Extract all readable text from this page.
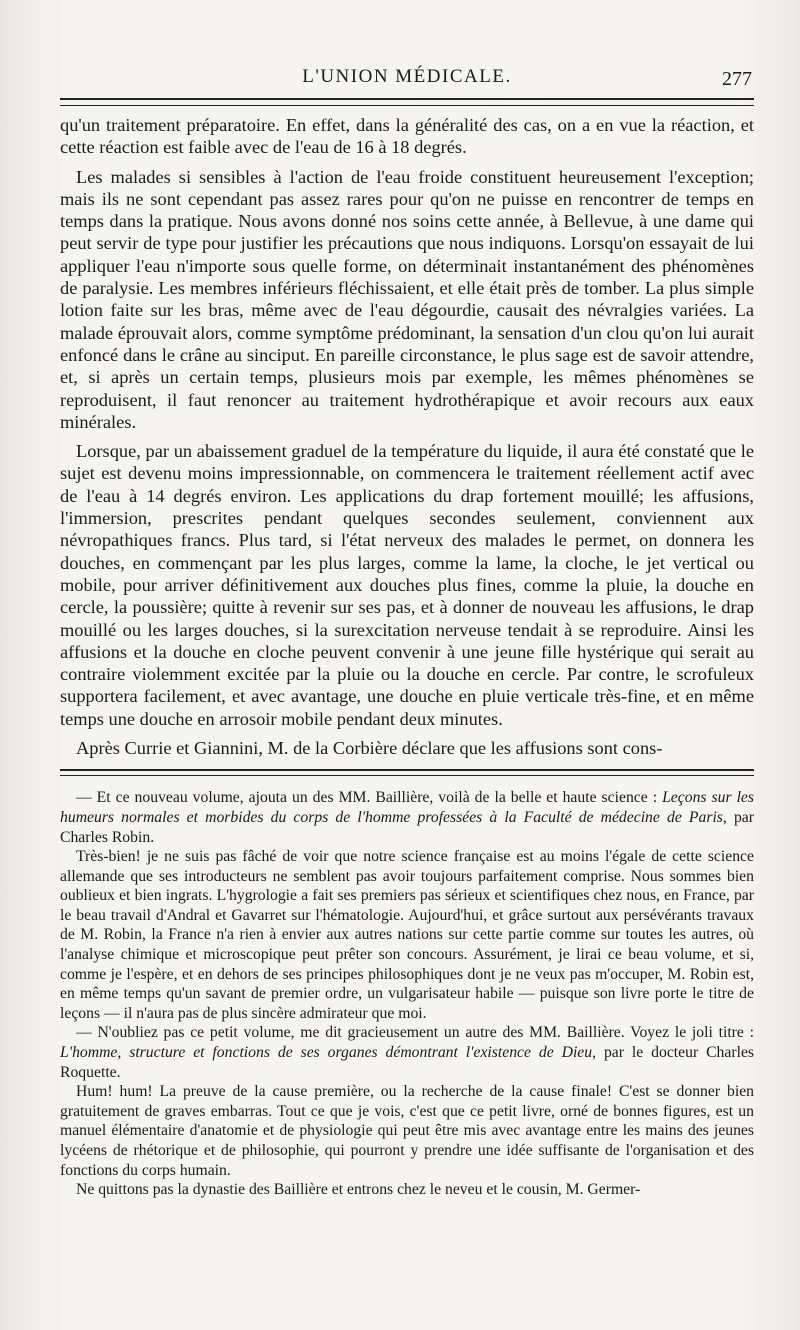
L'UNION MÉDICALE.	277

qu'un traitement préparatoire. En effet, dans la généralité des cas, on a en vue la réaction, et cette réaction est faible avec de l'eau de 16 à 18 degrés.

Les malades si sensibles à l'action de l'eau froide constituent heureusement l'exception; mais ils ne sont cependant pas assez rares pour qu'on ne puisse en rencontrer de temps en temps dans la pratique. Nous avons donné nos soins cette année, à Bellevue, à une dame qui peut servir de type pour justifier les précautions que nous indiquons. Lorsqu'on essayait de lui appliquer l'eau n'importe sous quelle forme, on déterminait instantanément des phénomènes de paralysie. Les membres inférieurs fléchissaient, et elle était près de tomber. La plus simple lotion faite sur les bras, même avec de l'eau dégourdie, causait des névralgies variées. La malade éprouvait alors, comme symptôme prédominant, la sensation d'un clou qu'on lui aurait enfoncé dans le crâne au sinciput. En pareille circonstance, le plus sage est de savoir attendre, et, si après un certain temps, plusieurs mois par exemple, les mêmes phénomènes se reproduisent, il faut renoncer au traitement hydrothérapique et avoir recours aux eaux minérales.

Lorsque, par un abaissement graduel de la température du liquide, il aura été constaté que le sujet est devenu moins impressionnable, on commencera le traitement réellement actif avec de l'eau à 14 degrés environ. Les applications du drap fortement mouillé; les affusions, l'immersion, prescrites pendant quelques secondes seulement, conviennent aux névropathiques francs. Plus tard, si l'état nerveux des malades le permet, on donnera les douches, en commençant par les plus larges, comme la lame, la cloche, le jet vertical ou mobile, pour arriver définitivement aux douches plus fines, comme la pluie, la douche en cercle, la poussière; quitte à revenir sur ses pas, et à donner de nouveau les affusions, le drap mouillé ou les larges douches, si la surexcitation nerveuse tendait à se reproduire. Ainsi les affusions et la douche en cloche peuvent convenir à une jeune fille hystérique qui serait au contraire violemment excitée par la pluie ou la douche en cercle. Par contre, le scrofuleux supportera facilement, et avec avantage, une douche en pluie verticale très-fine, et en même temps une douche en arrosoir mobile pendant deux minutes.

Après Currie et Giannini, M. de la Corbière déclare que les affusions sont cons-

— Et ce nouveau volume, ajouta un des MM. Baillière, voilà de la belle et haute science : Leçons sur les humeurs normales et morbides du corps de l'homme professées à la Faculté de médecine de Paris, par Charles Robin.

Très-bien! je ne suis pas fâché de voir que notre science française est au moins l'égale de cette science allemande que ses introducteurs ne semblent pas avoir toujours parfaitement comprise. Nous sommes bien oublieux et bien ingrats. L'hygrologie a fait ses premiers pas sérieux et scientifiques chez nous, en France, par le beau travail d'Andral et Gavarret sur l'hématologie. Aujourd'hui, et grâce surtout aux persévérants travaux de M. Robin, la France n'a rien à envier aux autres nations sur cette partie comme sur toutes les autres, où l'analyse chimique et microscopique peut prêter son concours. Assurément, je lirai ce beau volume, et si, comme je l'espère, et en dehors de ses principes philosophiques dont je ne veux pas m'occuper, M. Robin est, en même temps qu'un savant de premier ordre, un vulgarisateur habile — puisque son livre porte le titre de leçons — il n'aura pas de plus sincère admirateur que moi.

— N'oubliez pas ce petit volume, me dit gracieusement un autre des MM. Baillière. Voyez le joli titre : L'homme, structure et fonctions de ses organes démontrant l'existence de Dieu, par le docteur Charles Roquette.

Hum! hum! La preuve de la cause première, ou la recherche de la cause finale! C'est se donner bien gratuitement de graves embarras. Tout ce que je vois, c'est que ce petit livre, orné de bonnes figures, est un manuel élémentaire d'anatomie et de physiologie qui peut être mis avec avantage entre les mains des jeunes lycéens de rhétorique et de philosophie, qui pourront y prendre une idée suffisante de l'organisation et des fonctions du corps humain.

Ne quittons pas la dynastie des Baillière et entrons chez le neveu et le cousin, M. Germer-
